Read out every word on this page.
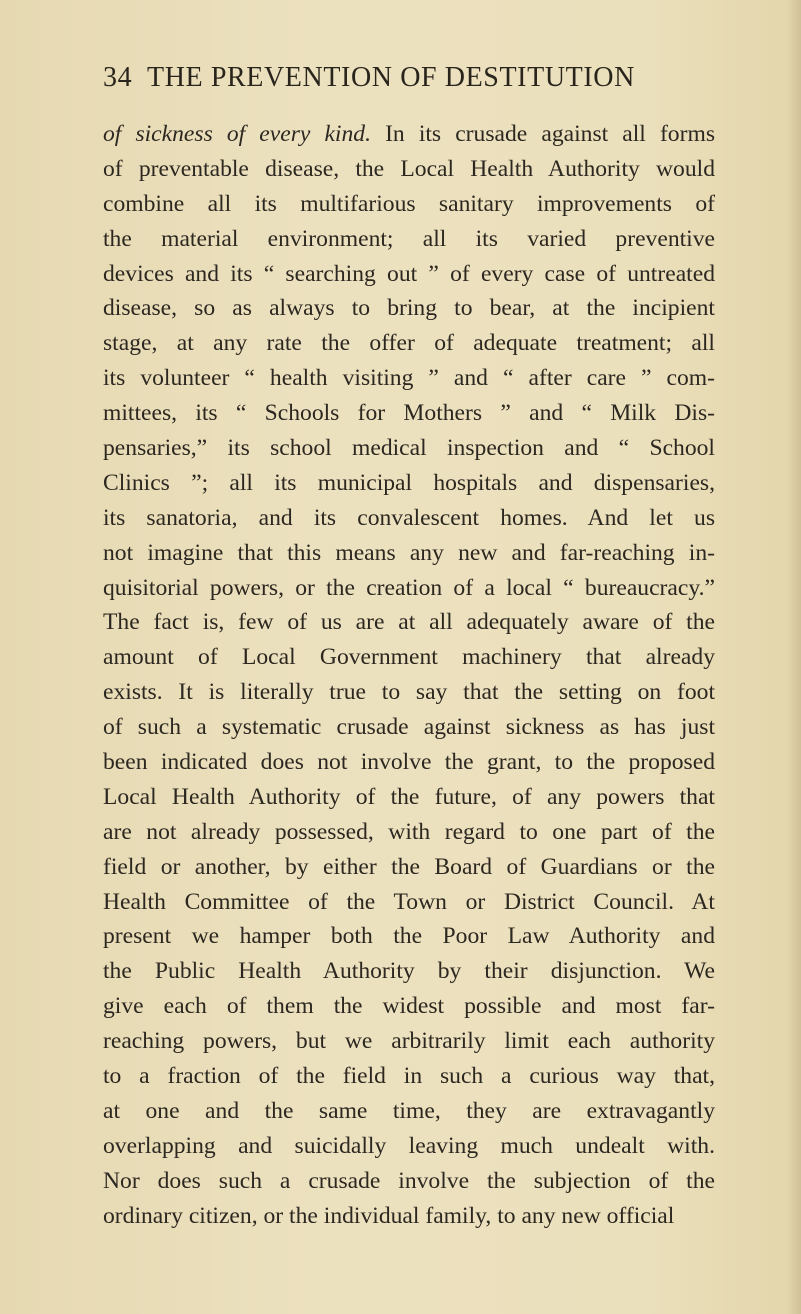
34 THE PREVENTION OF DESTITUTION
of sickness of every kind. In its crusade against all forms
of preventable disease, the Local Health Authority would
combine all its multifarious sanitary improvements of
the material environment; all its varied preventive
devices and its “ searching out ” of every case of untreated
disease, so as always to bring to bear, at the incipient
stage, at any rate the offer of adequate treatment; all
its volunteer “ health visiting ” and “ after care ” com-
mittees, its “ Schools for Mothers ” and “ Milk Dis-
pensaries,” its school medical inspection and “ School
Clinics ”; all its municipal hospitals and dispensaries,
its sanatoria, and its convalescent homes. And let us
not imagine that this means any new and far-reaching in-
quisitorial powers, or the creation of a local “ bureaucracy.”
The fact is, few of us are at all adequately aware of the
amount of Local Government machinery that already
exists. It is literally true to say that the setting on foot
of such a systematic crusade against sickness as has just
been indicated does not involve the grant, to the proposed
Local Health Authority of the future, of any powers that
are not already possessed, with regard to one part of the
field or another, by either the Board of Guardians or the
Health Committee of the Town or District Council. At
present we hamper both the Poor Law Authority and
the Public Health Authority by their disjunction. We
give each of them the widest possible and most far-
reaching powers, but we arbitrarily limit each authority
to a fraction of the field in such a curious way that,
at one and the same time, they are extravagantly
overlapping and suicidally leaving much undealt with.
Nor does such a crusade involve the subjection of the
ordinary citizen, or the individual family, to any new official
